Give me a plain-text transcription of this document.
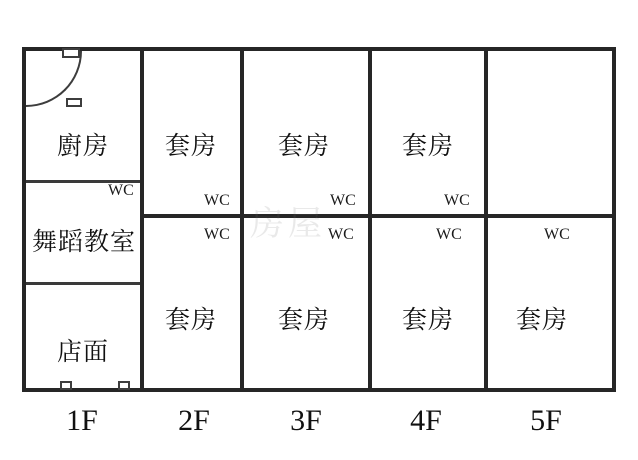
房屋
廚房
WC
舞蹈教室
店面
套房
WC
WC
套房
套房
WC
WC
套房
套房
WC
WC
套房
WC
套房
1F	2F	3F	4F	5F
